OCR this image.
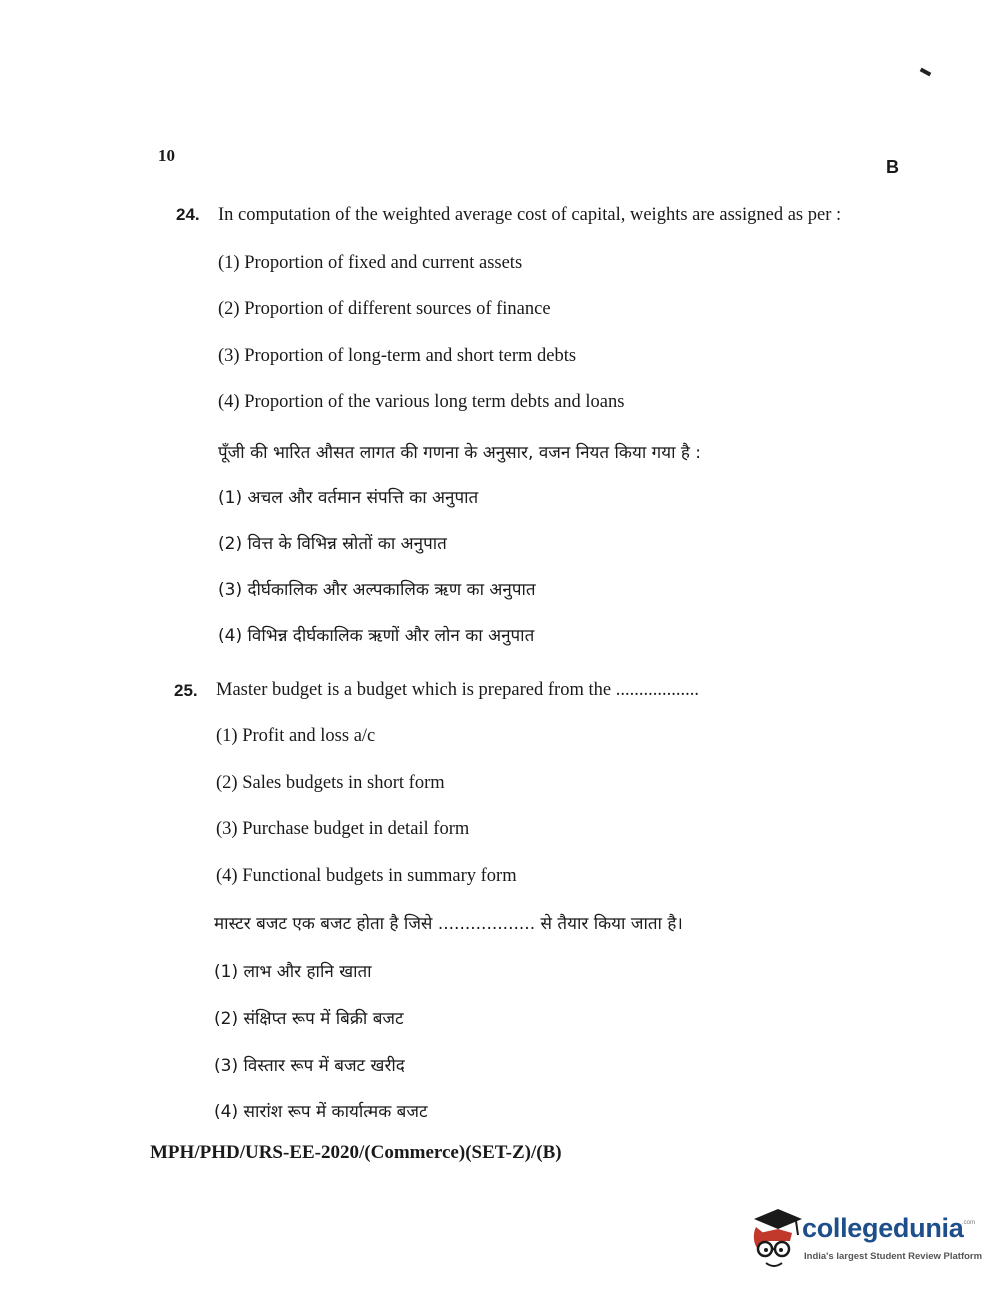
10
B
24. In computation of the weighted average cost of capital, weights are assigned as per :
(1) Proportion of fixed and current assets
(2) Proportion of different sources of finance
(3) Proportion of long-term and short term debts
(4) Proportion of the various long term debts and loans
पूँजी की भारित औसत लागत की गणना के अनुसार, वजन नियत किया गया है :
(1) अचल और वर्तमान संपत्ति का अनुपात
(2) वित्त के विभिन्न स्रोतों का अनुपात
(3) दीर्घकालिक और अल्पकालिक ऋण का अनुपात
(4) विभिन्न दीर्घकालिक ऋणों और लोन का अनुपात
25. Master budget is a budget which is prepared from the ..................
(1) Profit and loss a/c
(2) Sales budgets in short form
(3) Purchase budget in detail form
(4) Functional budgets in summary form
मास्टर बजट एक बजट होता है जिसे .................. से तैयार किया जाता है।
(1) लाभ और हानि खाता
(2) संक्षिप्त रूप में बिक्री बजट
(3) विस्तार रूप में बजट खरीद
(4) सारांश रूप में कार्यात्मक बजट
MPH/PHD/URS-EE-2020/(Commerce)(SET-Z)/(B)
collegedunia
.com
India's largest Student Review Platform
